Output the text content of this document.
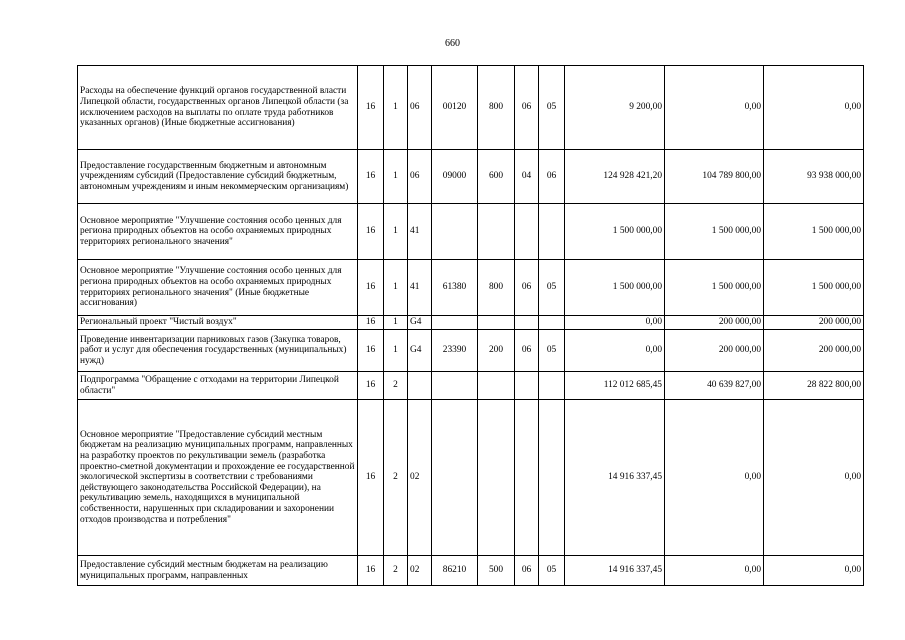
660
Расходы на обеспечение функций органов государственной власти Липецкой области, государственных органов Липецкой области (за исключением расходов на выплаты по оплате труда работников указанных органов) (Иные бюджетные ассигнования)	16	1	06	00120	800	06	05	9 200,00	0,00	0,00
Предоставление государственным бюджетным и автономным учреждениям субсидий (Предоставление субсидий бюджетным, автономным учреждениям и иным некоммерческим организациям)	16	1	06	09000	600	04	06	124 928 421,20	104 789 800,00	93 938 000,00
Основное мероприятие "Улучшение состояния особо ценных для региона природных объектов на особо охраняемых природных территориях регионального значения"	16	1	41					1 500 000,00	1 500 000,00	1 500 000,00
Основное мероприятие "Улучшение состояния особо ценных для региона природных объектов на особо охраняемых природных территориях регионального значения" (Иные бюджетные ассигнования)	16	1	41	61380	800	06	05	1 500 000,00	1 500 000,00	1 500 000,00
Региональный проект "Чистый воздух"	16	1	G4					0,00	200 000,00	200 000,00
Проведение инвентаризации парниковых газов (Закупка товаров, работ и услуг для обеспечения государственных (муниципальных) нужд)	16	1	G4	23390	200	06	05	0,00	200 000,00	200 000,00
Подпрограмма "Обращение с отходами на территории Липецкой области"	16	2						112 012 685,45	40 639 827,00	28 822 800,00
Основное мероприятие "Предоставление субсидий местным бюджетам на реализацию муниципальных программ, направленных на разработку проектов по рекультивации земель (разработка проектно-сметной документации и прохождение ее государственной экологической экспертизы в соответствии с требованиями действующего законодательства Российской Федерации), на рекультивацию земель, находящихся в муниципальной собственности, нарушенных при складировании и захоронении отходов производства и потребления"	16	2	02					14 916 337,45	0,00	0,00
Предоставление субсидий местным бюджетам на реализацию муниципальных программ, направленных	16	2	02	86210	500	06	05	14 916 337,45	0,00	0,00
